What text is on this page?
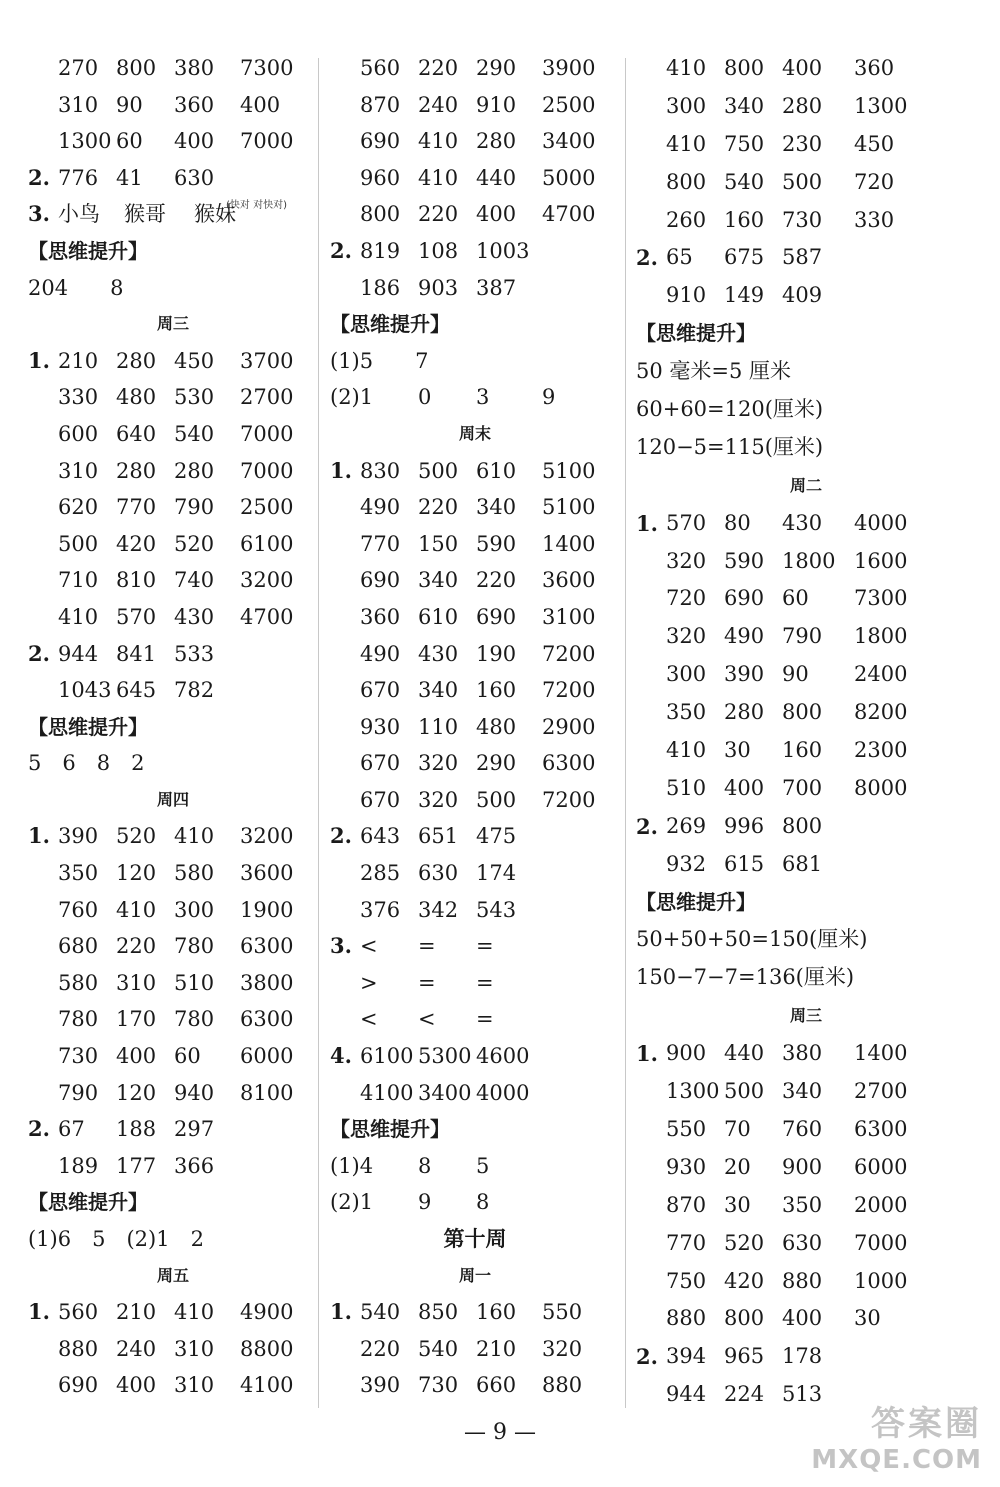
270 800 380 7300
310 90 360 400
1300 60 400 7000
2. 776 41 630
3. 小鸟 猴哥 猴妹
(快对 对快对)
【思维提升】
204　　8
周三
1. 210 280 450 3700
330 480 530 2700
600 640 540 7000
310 280 280 7000
620 770 790 2500
500 420 520 6100
710 810 740 3200
410 570 430 4700
2. 944 841 533
1043 645 782
【思维提升】
5　6　8　2
周四
1. 390 520 410 3200
350 120 580 3600
760 410 300 1900
680 220 780 6300
580 310 510 3800
780 170 780 6300
730 400 60 6000
790 120 940 8100
2. 67 188 297
189 177 366
【思维提升】
(1)6　5　(2)1　2
周五
1. 560 210 410 4900
880 240 310 8800
690 400 310 4100
560 220 290 3900
870 240 910 2500
690 410 280 3400
960 410 440 5000
800 220 400 4700
2. 819 108 1003
186 903 387
【思维提升】
(1)5　　7
(2)1 0 3	9
周末
1. 830 500 610 5100
490 220 340 5100
770 150 590 1400
690 340 220 3600
360 610 690 3100
490 430 190 7200
670 340 160 7200
930 110 480 2900
670 320 290 6300
670 320 500 7200
2. 643 651 475
285 630 174
376 342 543
3. < = =
> = =
< < =
4. 6100 5300 4600
4100 3400 4000
【思维提升】
(1)4 8 5
(2)1 9 8
第十周
周一
1. 540 850 160 550
220 540 210 320
390 730 660 880
410 800 400 360
300 340 280 1300
410 750 230 450
800 540 500 720
260 160 730 330
2. 65 675 587
910 149 409
【思维提升】
50 毫米=5 厘米
60+60=120(厘米)
120−5=115(厘米)
周二
1. 570 80 430 4000
320 590 1800 1600
720 690 60 7300
320 490 790 1800
300 390 90 2400
350 280 800 8200
410 30 160 2300
510 400 700 8000
2. 269 996 800
932 615 681
【思维提升】
50+50+50=150(厘米)
150−7−7=136(厘米)
周三
1. 900 440 380 1400
1300 500 340 2700
550 70 760 6300
930 20 900 6000
870 30 350 2000
770 520 630 7000
750 420 880 1000
880 800 400 30
2. 394 965 178
944 224 513
— 9 —	答案圈
MXQE.COM
